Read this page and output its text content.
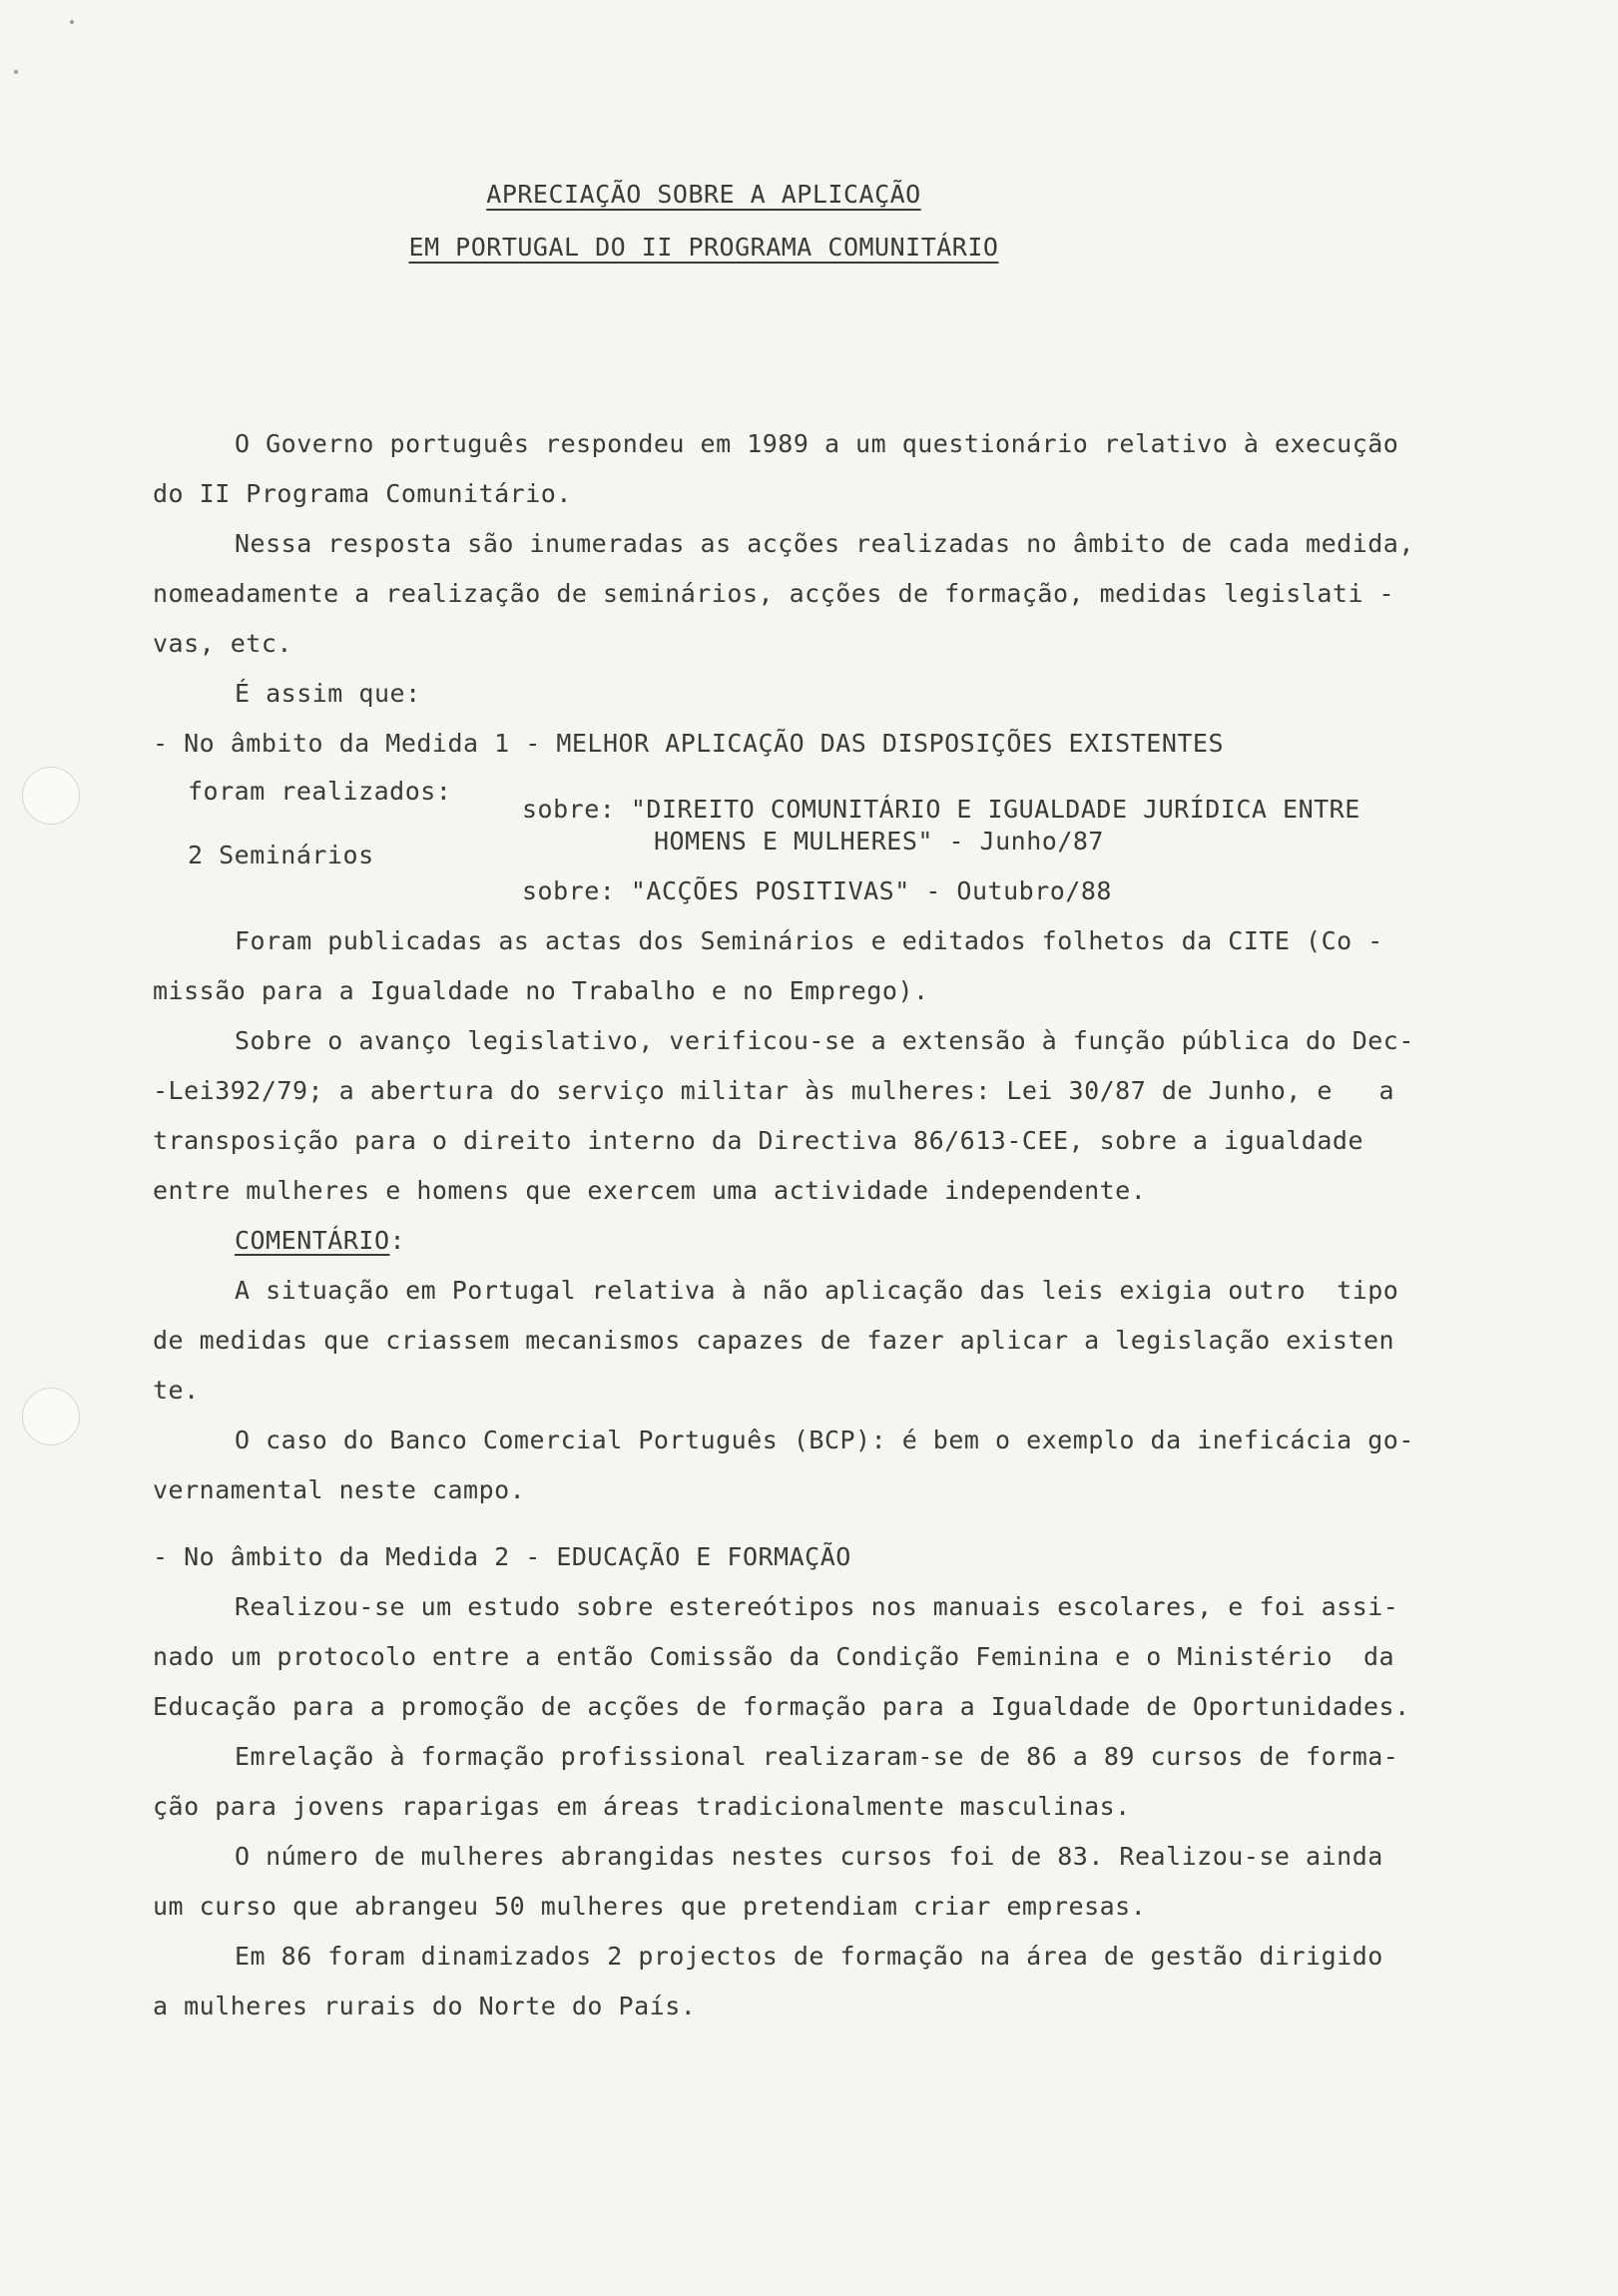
APRECIAÇÃO SOBRE A APLICAÇÃO
EM PORTUGAL DO II PROGRAMA COMUNITÁRIO
O Governo português respondeu em 1989 a um questionário relativo à execução
do II Programa Comunitário.
Nessa resposta são inumeradas as acções realizadas no âmbito de cada medida,
nomeadamente a realização de seminários, acções de formação, medidas legislati -
vas, etc.
É assim que:
- No âmbito da Medida 1 - MELHOR APLICAÇÃO DAS DISPOSIÇÕES EXISTENTES
foram realizados:
2 Seminários
sobre: "DIREITO COMUNITÁRIO E IGUALDADE JURÍDICA ENTRE
HOMENS E MULHERES" - Junho/87
sobre: "ACÇÕES POSITIVAS" - Outubro/88
Foram publicadas as actas dos Seminários e editados folhetos da CITE (Co -
missão para a Igualdade no Trabalho e no Emprego).
Sobre o avanço legislativo, verificou-se a extensão à função pública do Dec-
-Lei392/79; a abertura do serviço militar às mulheres: Lei 30/87 de Junho, e   a
transposição para o direito interno da Directiva 86/613-CEE, sobre a igualdade
entre mulheres e homens que exercem uma actividade independente.
COMENTÁRIO:
A situação em Portugal relativa à não aplicação das leis exigia outro  tipo
de medidas que criassem mecanismos capazes de fazer aplicar a legislação existen
te.
O caso do Banco Comercial Português (BCP): é bem o exemplo da ineficácia go-
vernamental neste campo.
- No âmbito da Medida 2 - EDUCAÇÃO E FORMAÇÃO
Realizou-se um estudo sobre estereótipos nos manuais escolares, e foi assi-
nado um protocolo entre a então Comissão da Condição Feminina e o Ministério  da
Educação para a promoção de acções de formação para a Igualdade de Oportunidades.
Emrelação à formação profissional realizaram-se de 86 a 89 cursos de forma-
ção para jovens raparigas em áreas tradicionalmente masculinas.
O número de mulheres abrangidas nestes cursos foi de 83. Realizou-se ainda
um curso que abrangeu 50 mulheres que pretendiam criar empresas.
Em 86 foram dinamizados 2 projectos de formação na área de gestão dirigido
a mulheres rurais do Norte do País.
